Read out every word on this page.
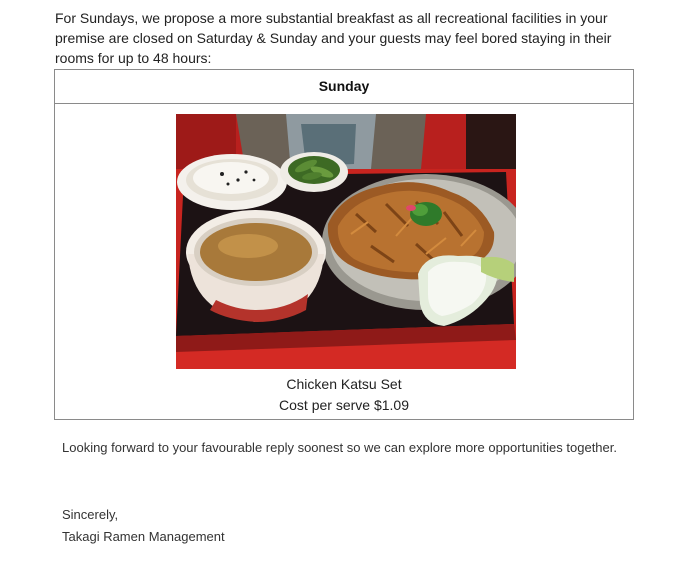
For Sundays, we propose a more substantial breakfast as all recreational facilities in your premise are closed on Saturday & Sunday and your guests may feel bored staying in their rooms for up to 48 hours:
Sunday
Chicken Katsu Set
Cost per serve $1.09
Looking forward to your favourable reply soonest so we can explore more opportunities together.
Sincerely,
Takagi Ramen Management
